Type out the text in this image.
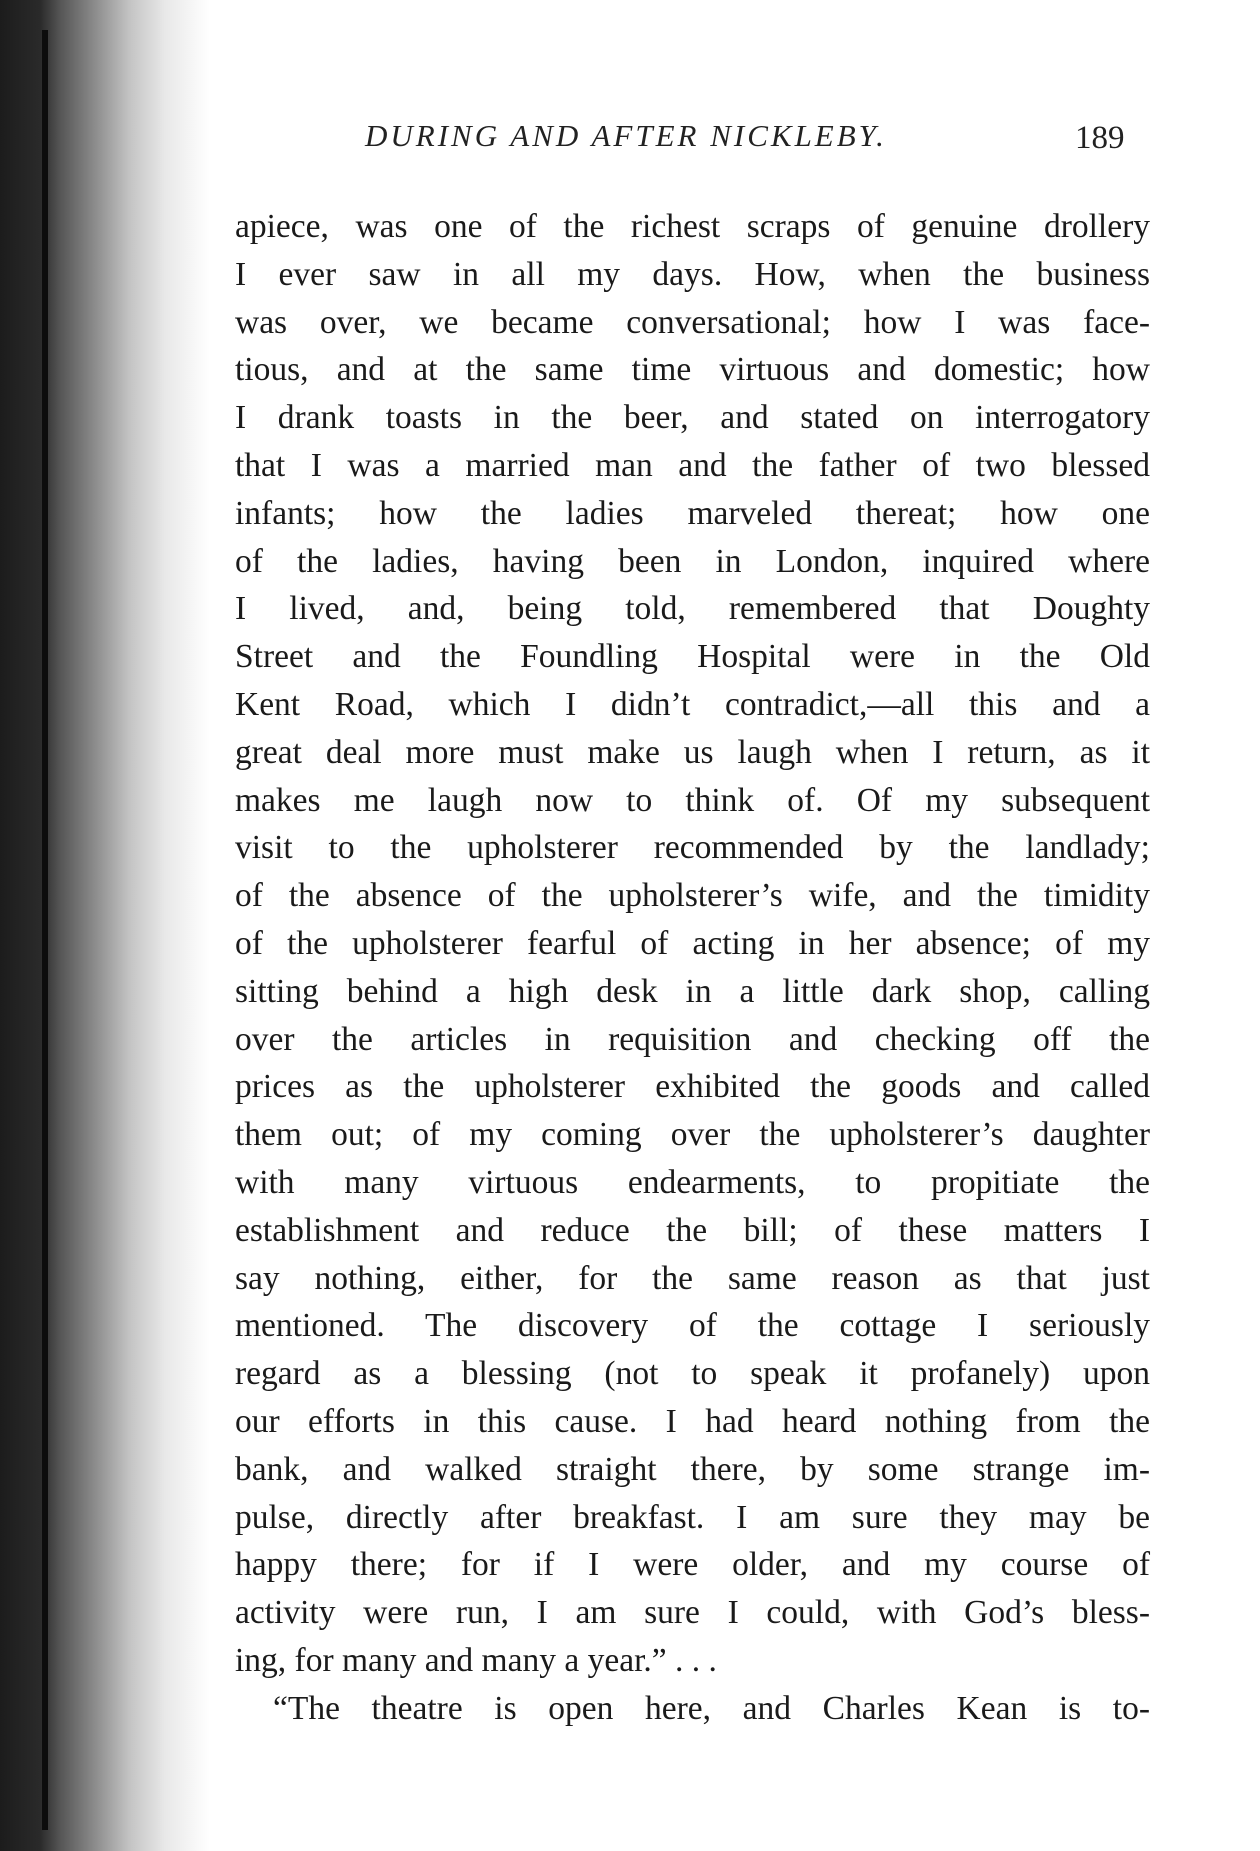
DURING AND AFTER NICKLEBY.	189
apiece, was one of the richest scraps of genuine drollery
I ever saw in all my days. How, when the business
was over, we became conversational; how I was face-
tious, and at the same time virtuous and domestic; how
I drank toasts in the beer, and stated on interrogatory
that I was a married man and the father of two blessed
infants; how the ladies marveled thereat; how one
of the ladies, having been in London, inquired where
I lived, and, being told, remembered that Doughty
Street and the Foundling Hospital were in the Old
Kent Road, which I didn’t contradict,—all this and a
great deal more must make us laugh when I return, as it
makes me laugh now to think of. Of my subsequent
visit to the upholsterer recommended by the landlady;
of the absence of the upholsterer’s wife, and the timidity
of the upholsterer fearful of acting in her absence; of my
sitting behind a high desk in a little dark shop, calling
over the articles in requisition and checking off the
prices as the upholsterer exhibited the goods and called
them out; of my coming over the upholsterer’s daughter
with many virtuous endearments, to propitiate the
establishment and reduce the bill; of these matters I
say nothing, either, for the same reason as that just
mentioned. The discovery of the cottage I seriously
regard as a blessing (not to speak it profanely) upon
our efforts in this cause. I had heard nothing from the
bank, and walked straight there, by some strange im-
pulse, directly after breakfast. I am sure they may be
happy there; for if I were older, and my course of
activity were run, I am sure I could, with God’s bless-
ing, for many and many a year.” . . .
“The theatre is open here, and Charles Kean is to-
